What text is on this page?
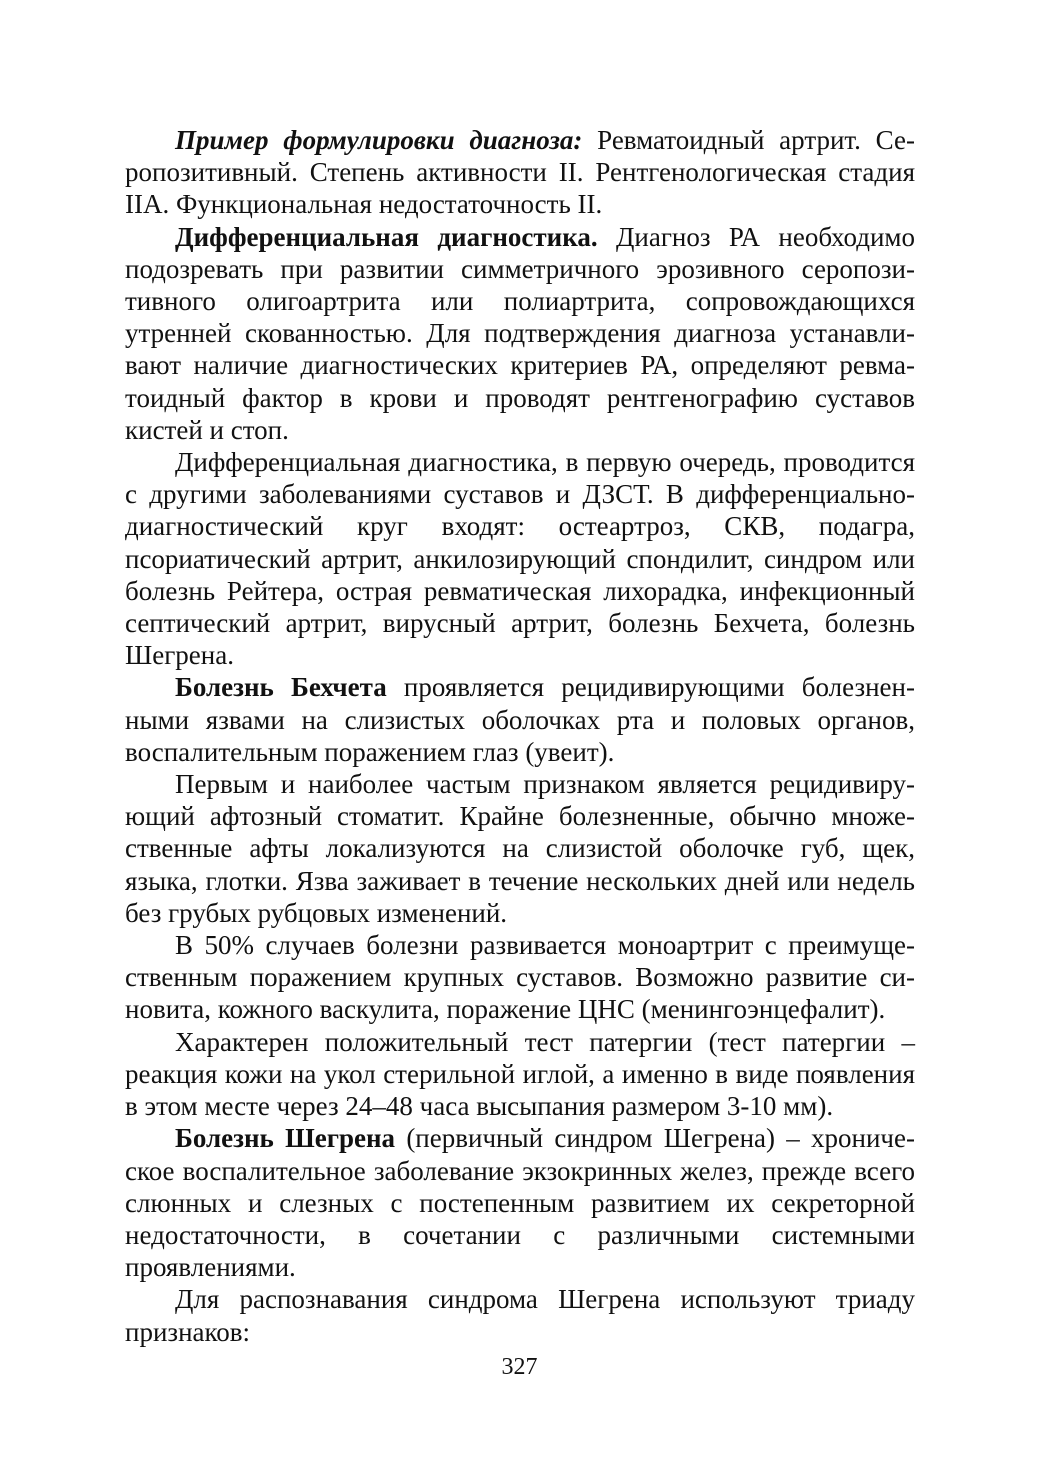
Пример формулировки диагноза: Ревматоидный артрит. Серопозитивный. Степень активности II. Рентгенологическая стадия IIA. Функциональная недостаточность II.

Дифференциальная диагностика. Диагноз РА необходимо подозревать при развитии симметричного эрозивного серопозитивного олигоартрита или полиартрита, сопровождающихся утренней скованностью. Для подтверждения диагноза устанавливают наличие диагностических критериев РА, определяют ревматоидный фактор в крови и проводят рентгенографию суставов кистей и стоп.

Дифференциальная диагностика, в первую очередь, проводится с другими заболеваниями суставов и ДЗСТ. В дифференциально-диагностический круг входят: остеартроз, СКВ, подагра, псориатический артрит, анкилозирующий спондилит, синдром или болезнь Рейтера, острая ревматическая лихорадка, инфекционный септический артрит, вирусный артрит, болезнь Бехчета, болезнь Шегрена.

Болезнь Бехчета проявляется рецидивирующими болезненными язвами на слизистых оболочках рта и половых органов, воспалительным поражением глаз (увеит).

Первым и наиболее частым признаком является рецидивирующий афтозный стоматит. Крайне болезненные, обычно множественные афты локализуются на слизистой оболочке губ, щек, языка, глотки. Язва заживает в течение нескольких дней или недель без грубых рубцовых изменений.

В 50% случаев болезни развивается моноартрит с преимущественным поражением крупных суставов. Возможно развитие синовита, кожного васкулита, поражение ЦНС (менингоэнцефалит).

Характерен положительный тест патергии (тест патергии – реакция кожи на укол стерильной иглой, а именно в виде появления в этом месте через 24–48 часа высыпания размером 3-10 мм).

Болезнь Шегрена (первичный синдром Шегрена) – хроническое воспалительное заболевание экзокринных желез, прежде всего слюнных и слезных с постепенным развитием их секреторной недостаточности, в сочетании с различными системными проявлениями.

Для распознавания синдрома Шегрена используют триаду признаков:

327
